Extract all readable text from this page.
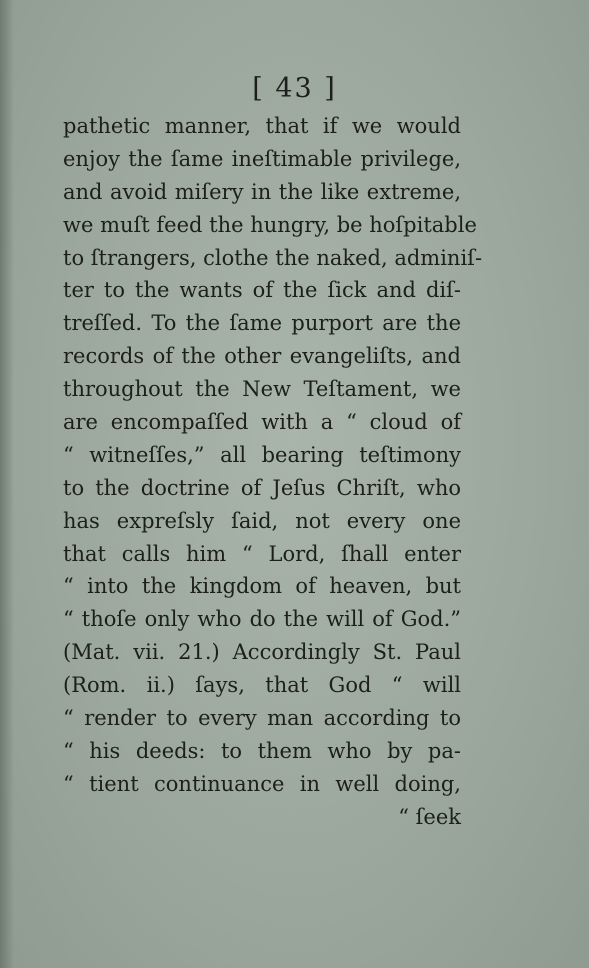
[ 43 ]
pathetic manner, that if we would
enjoy the ſame ineſtimable privilege,
and avoid miſery in the like extreme,
we muſt feed the hungry, be hoſpitable
to ſtrangers, clothe the naked, adminiſ-
ter to the wants of the ſick and diſ-
treſſed. To the ſame purport are the
records of the other evangeliſts, and
throughout the New Teſtament, we
are encompaſſed with a “ cloud of
“ witneſſes,” all bearing teſtimony
to the doctrine of Jeſus Chriſt, who
has expreſsly ſaid, not every one
that calls him “ Lord, ſhall enter
“ into the kingdom of heaven, but
“ thoſe only who do the will of God.”
(Mat. vii. 21.) Accordingly St. Paul
(Rom. ii.) ſays, that God “ will
“ render to every man according to
“ his deeds: to them who by pa-
“ tient continuance in well doing,
“ ſeek
